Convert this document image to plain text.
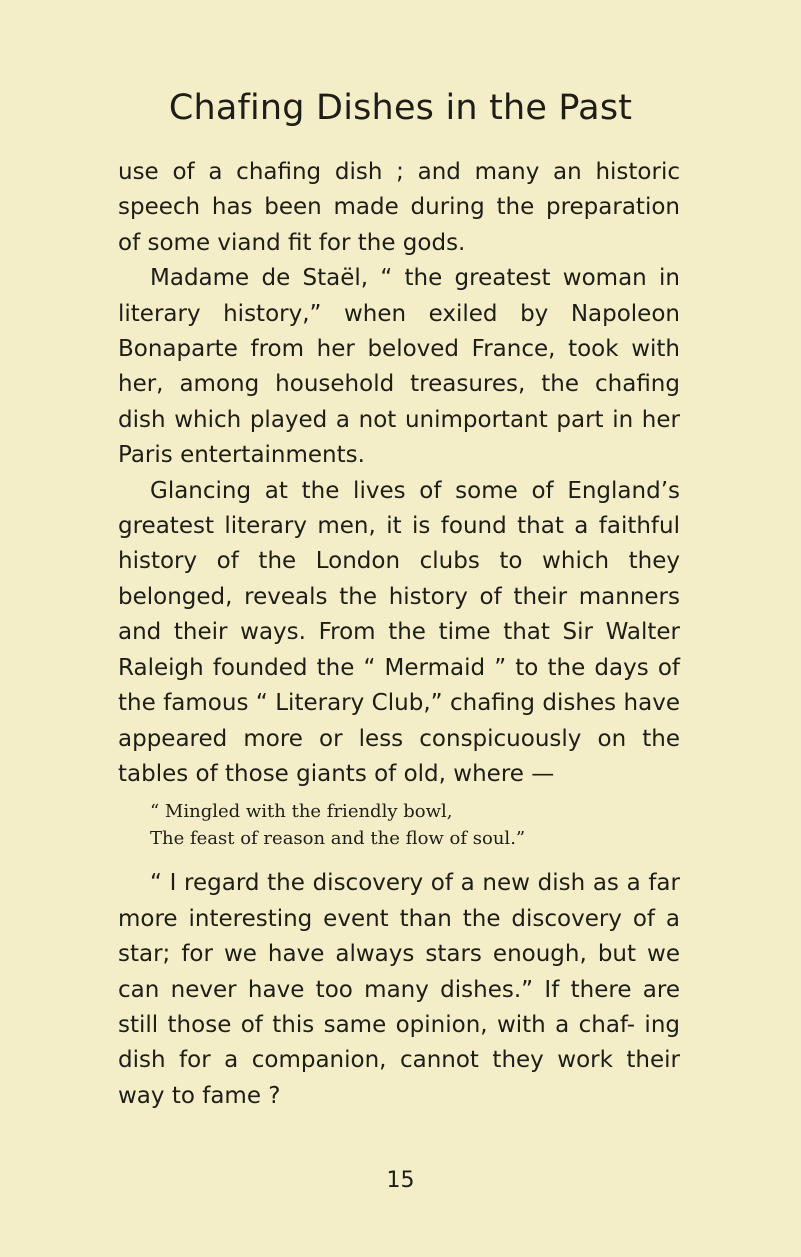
Chafing Dishes in the Past

use of a chafing dish ; and many an historic speech has been made during the preparation of some viand fit for the gods.

Madame de Staël, “ the greatest woman in literary history,” when exiled by Napoleon Bonaparte from her beloved France, took with her, among household treasures, the chafing dish which played a not unimportant part in her Paris entertainments.

Glancing at the lives of some of England’s greatest literary men, it is found that a faithful history of the London clubs to which they belonged, reveals the history of their manners and their ways. From the time that Sir Walter Raleigh founded the “ Mermaid ” to the days of the famous “ Literary Club,” chafing dishes have appeared more or less conspicuously on the tables of those giants of old, where —

“ Mingled with the friendly bowl,
The feast of reason and the flow of soul.”

“ I regard the discovery of a new dish as a far more interesting event than the discovery of a star; for we have always stars enough, but we can never have too many dishes.” If there are still those of this same opinion, with a chaf- ing dish for a companion, cannot they work their way to fame ?

15
